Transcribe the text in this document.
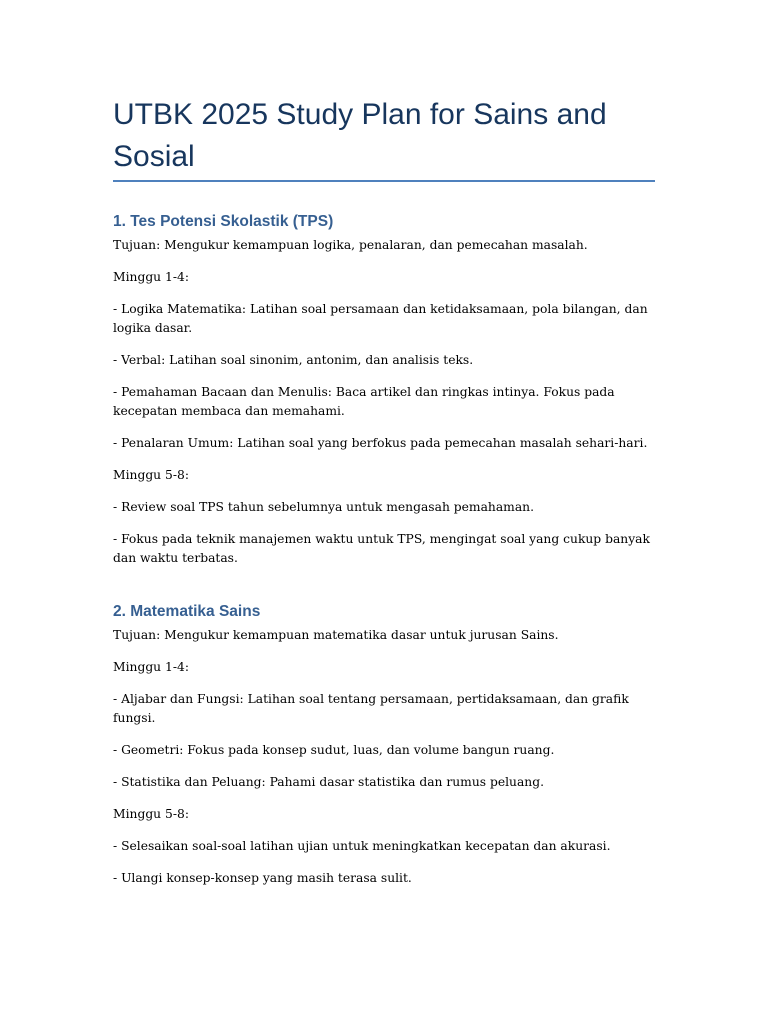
UTBK 2025 Study Plan for Sains and Sosial
1. Tes Potensi Skolastik (TPS)

Tujuan: Mengukur kemampuan logika, penalaran, dan pemecahan masalah.

Minggu 1-4:

- Logika Matematika: Latihan soal persamaan dan ketidaksamaan, pola bilangan, dan logika dasar.

- Verbal: Latihan soal sinonim, antonim, dan analisis teks.

- Pemahaman Bacaan dan Menulis: Baca artikel dan ringkas intinya. Fokus pada kecepatan membaca dan memahami.

- Penalaran Umum: Latihan soal yang berfokus pada pemecahan masalah sehari-hari.

Minggu 5-8:

- Review soal TPS tahun sebelumnya untuk mengasah pemahaman.

- Fokus pada teknik manajemen waktu untuk TPS, mengingat soal yang cukup banyak dan waktu terbatas.

2. Matematika Sains

Tujuan: Mengukur kemampuan matematika dasar untuk jurusan Sains.

Minggu 1-4:

- Aljabar dan Fungsi: Latihan soal tentang persamaan, pertidaksamaan, dan grafik fungsi.

- Geometri: Fokus pada konsep sudut, luas, dan volume bangun ruang.

- Statistika dan Peluang: Pahami dasar statistika dan rumus peluang.

Minggu 5-8:

- Selesaikan soal-soal latihan ujian untuk meningkatkan kecepatan dan akurasi.

- Ulangi konsep-konsep yang masih terasa sulit.
